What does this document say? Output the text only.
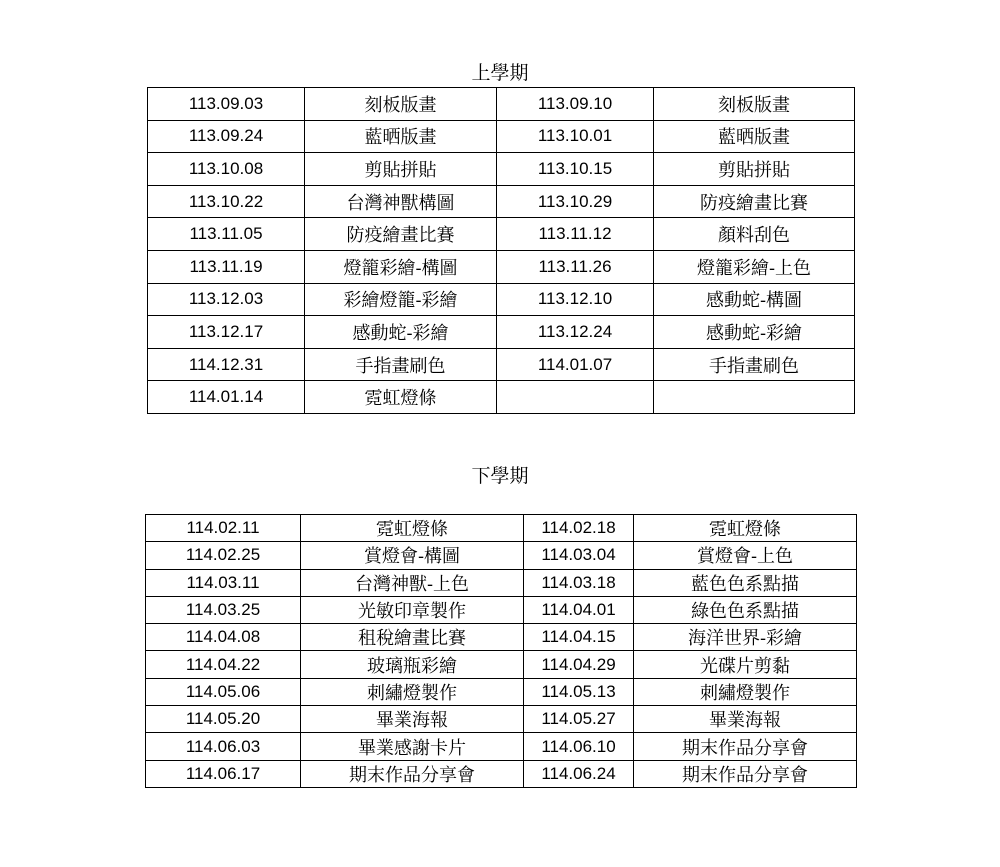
上學期
113.09.03	刻板版畫	113.09.10	刻板版畫
113.09.24	藍晒版畫	113.10.01	藍晒版畫
113.10.08	剪貼拼貼	113.10.15	剪貼拼貼
113.10.22	台灣神獸構圖	113.10.29	防疫繪畫比賽
113.11.05	防疫繪畫比賽	113.11.12	顏料刮色
113.11.19	燈籠彩繪-構圖	113.11.26	燈籠彩繪-上色
113.12.03	彩繪燈籠-彩繪	113.12.10	感動蛇-構圖
113.12.17	感動蛇-彩繪	113.12.24	感動蛇-彩繪
114.12.31	手指畫刷色	114.01.07	手指畫刷色
114.01.14	霓虹燈條		
下學期
114.02.11	霓虹燈條	114.02.18	霓虹燈條
114.02.25	賞燈會-構圖	114.03.04	賞燈會-上色
114.03.11	台灣神獸-上色	114.03.18	藍色色系點描
114.03.25	光敏印章製作	114.04.01	綠色色系點描
114.04.08	租稅繪畫比賽	114.04.15	海洋世界-彩繪
114.04.22	玻璃瓶彩繪	114.04.29	光碟片剪黏
114.05.06	刺繡燈製作	114.05.13	刺繡燈製作
114.05.20	畢業海報	114.05.27	畢業海報
114.06.03	畢業感謝卡片	114.06.10	期末作品分享會
114.06.17	期末作品分享會	114.06.24	期末作品分享會
